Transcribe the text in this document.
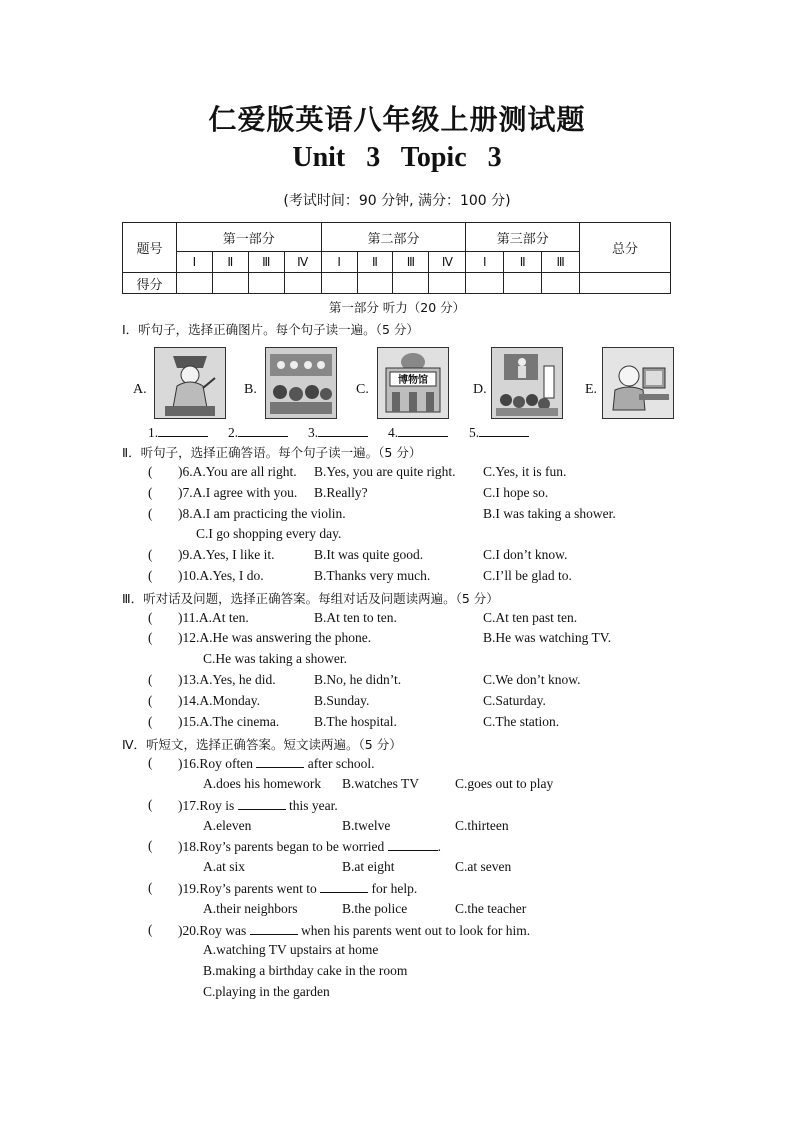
仁爱版英语八年级上册测试题
Unit 3 Topic 3
(考试时间：90 分钟, 满分：100 分)
题号	第一部分				第二部分				第三部分			总分
	Ⅰ	Ⅱ	Ⅲ	Ⅳ	Ⅰ	Ⅱ	Ⅲ	Ⅳ	Ⅰ	Ⅱ	Ⅲ	
得分												
第一部分 听力（20 分）
Ⅰ．听句子，选择正确图片。每个句子读一遍。（5 分）
A.	B.	C.
博物馆
D.	E.
1.	2.	3.	4.	5.
Ⅱ．听句子，选择正确答语。每个句子读一遍。（5 分）
( )6.A.You are all right. B.Yes, you are quite right. C.Yes, it is fun.
( )7.A.I agree with you. B.Really?	C.I hope so.
( )8.A.I am practicing the violin.	B.I was taking a shower.
C.I go shopping every day.
( )9.A.Yes, I like it.	B.It was quite good.	C.I don’t know.
( )10.A.Yes, I do.	B.Thanks very much.	C.I’ll be glad to.
Ⅲ．听对话及问题，选择正确答案。每组对话及问题读两遍。（5 分）
( )11.A.At ten.	B.At ten to ten.	C.At ten past ten.
( )12.A.He was answering the phone.	B.He was watching TV.
C.He was taking a shower.
( )13.A.Yes, he did.	B.No, he didn’t.	C.We don’t know.
( )14.A.Monday.	B.Sunday.	C.Saturday.
( )15.A.The cinema.	B.The hospital.	C.The station.
Ⅳ．听短文，选择正确答案。短文读两遍。（5 分）
( )16.Roy often	after school.
A.does his homework B.watches TV	C.goes out to play
( )17.Roy is	this year.
A.eleven	B.twelve	C.thirteen
( )18.Roy’s parents began to be worried	.
A.at six	B.at eight	C.at seven
( )19.Roy’s parents went to	for help.
A.their neighbors	B.the police	C.the teacher
( )20.Roy was	when his parents went out to look for him.
A.watching TV upstairs at home
B.making a birthday cake in the room
C.playing in the garden
